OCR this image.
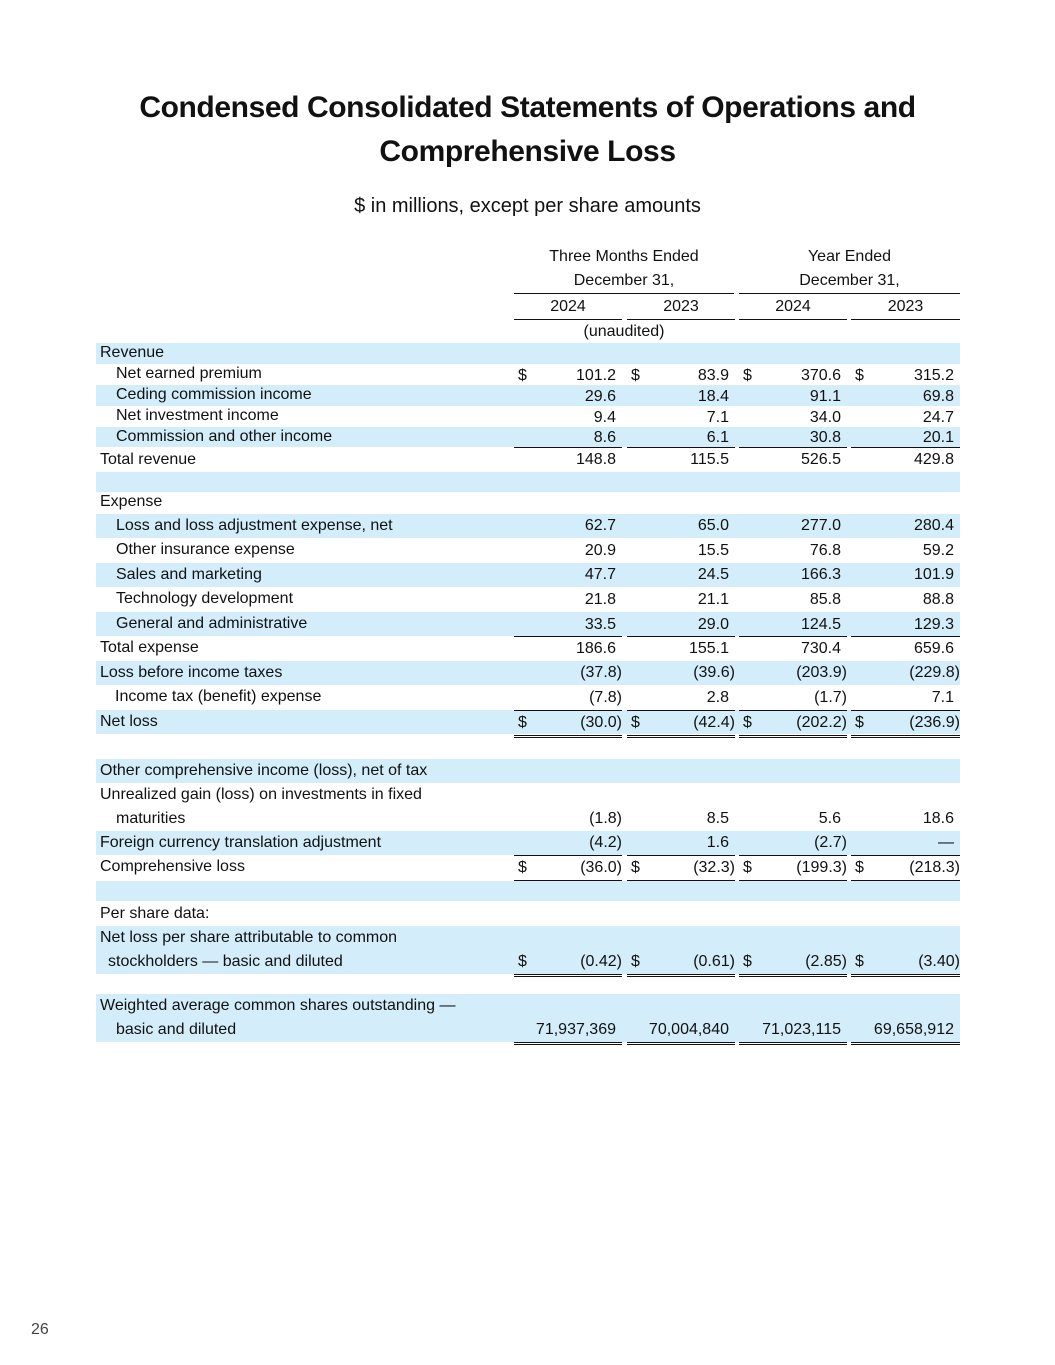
Condensed Consolidated Statements of Operations and
Comprehensive Loss
$ in millions, except per share amounts
Three Months Ended
December 31,
Year Ended
December 31,
2024	2023	2024	2023
(unaudited)
Revenue
Net earned premium	$	101.2 $	83.9 $	370.6 $	315.2
Ceding commission income	29.6	18.4	91.1	69.8
Net investment income	9.4	7.1	34.0	24.7
Commission and other income	8.6	6.1	30.8	20.1
Total revenue	148.8	115.5	526.5	429.8
Expense
Loss and loss adjustment expense, net	62.7	65.0	277.0	280.4
Other insurance expense	20.9	15.5	76.8	59.2
Sales and marketing	47.7	24.5	166.3	101.9
Technology development	21.8	21.1	85.8	88.8
General and administrative	33.5	29.0	124.5	129.3
Total expense	186.6	155.1	730.4	659.6
Loss before income taxes	(37.8)	(39.6)	(203.9)	(229.8)
Income tax (benefit) expense	(7.8)	2.8	(1.7)	7.1
Net loss	$	(30.0) $	(42.4) $	(202.2) $	(236.9)
Other comprehensive income (loss), net of tax
Unrealized gain (loss) on investments in fixed
maturities	(1.8)	8.5	5.6	18.6
Foreign currency translation adjustment	(4.2)	1.6	(2.7)	—
Comprehensive loss	$	(36.0) $	(32.3) $	(199.3) $	(218.3)
Per share data:
Net loss per share attributable to common
stockholders — basic and diluted	$	(0.42) $	(0.61) $	(2.85) $	(3.40)
Weighted average common shares outstanding —
basic and diluted	71,937,369 70,004,840 71,023,115 69,658,912
26
